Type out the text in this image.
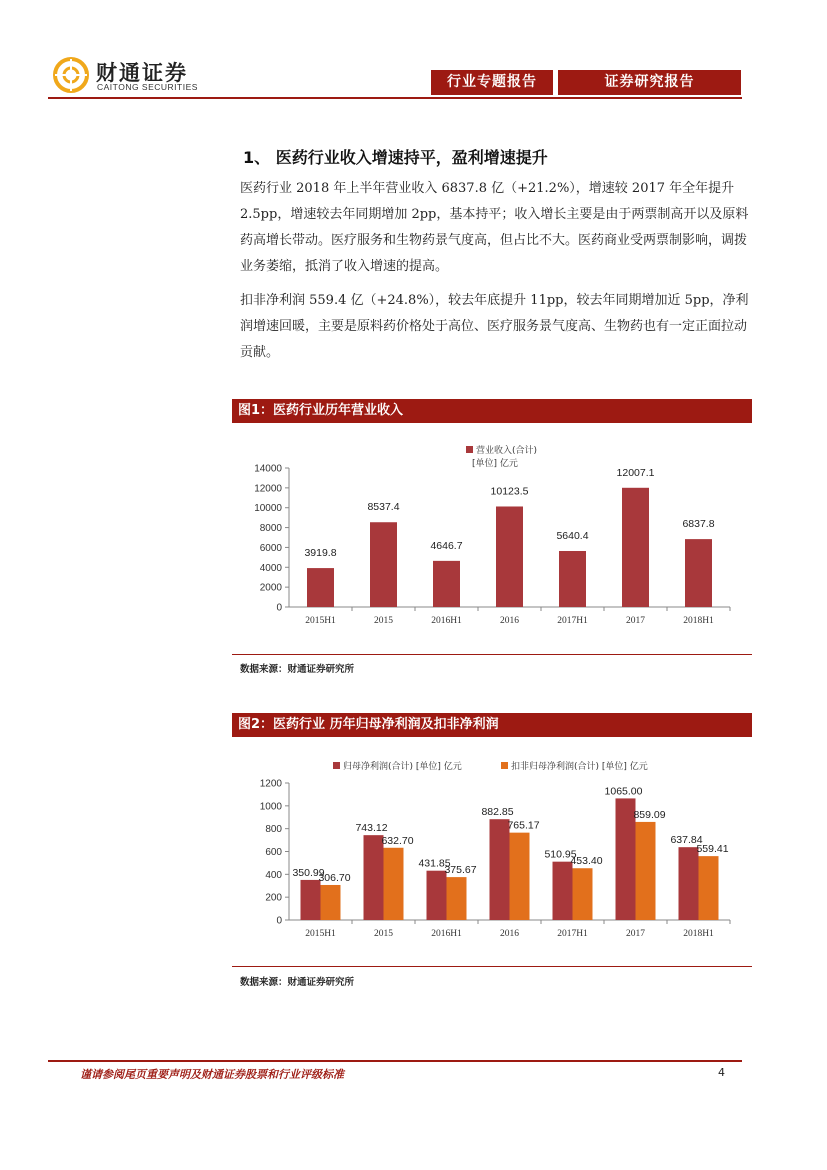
财通证券
CAITONG SECURITIES	行业专题报告	证券研究报告
1、 医药行业收入增速持平，盈利增速提升
医药行业 2018 年上半年营业收入 6837.8 亿（+21.2%），增速较 2017 年全年提升 2.5pp，增速较去年同期增加 2pp，基本持平；收入增长主要是由于两票制高开以及原料药高增长带动。医疗服务和生物药景气度高，但占比不大。医药商业受两票制影响，调拨业务萎缩，抵消了收入增速的提高。
扣非净利润 559.4 亿（+24.8%），较去年底提升 11pp，较去年同期增加近 5pp，净利润增速回暖，主要是原料药价格处于高位、医疗服务景气度高、生物药也有一定正面拉动贡献。
图1：医药行业历年营业收入
0
2000
4000
6000
8000
10000
12000
14000
2015H1	2015	2016H1	2016	2017H1	2017	2018H1
3919.8
8537.4
4646.7
10123.5
5640.4
12007.1
6837.8
营业收入(合计)
[单位] 亿元
数据来源：财通证券研究所
图2：医药行业 历年归母净利润及扣非净利润
0
200
400
600
800
1000
1200
2015H1	2015	2016H1	2016	2017H1	2017	2018H1
350.99
743.12
431.85
882.85
510.95
1065.00
637.84
306.70
632.70
375.67
765.17
453.40
859.09
559.41
归母净利润(合计) [单位] 亿元	扣非归母净利润(合计) [单位] 亿元
数据来源：财通证券研究所
谨请参阅尾页重要声明及财通证券股票和行业评级标准	4
